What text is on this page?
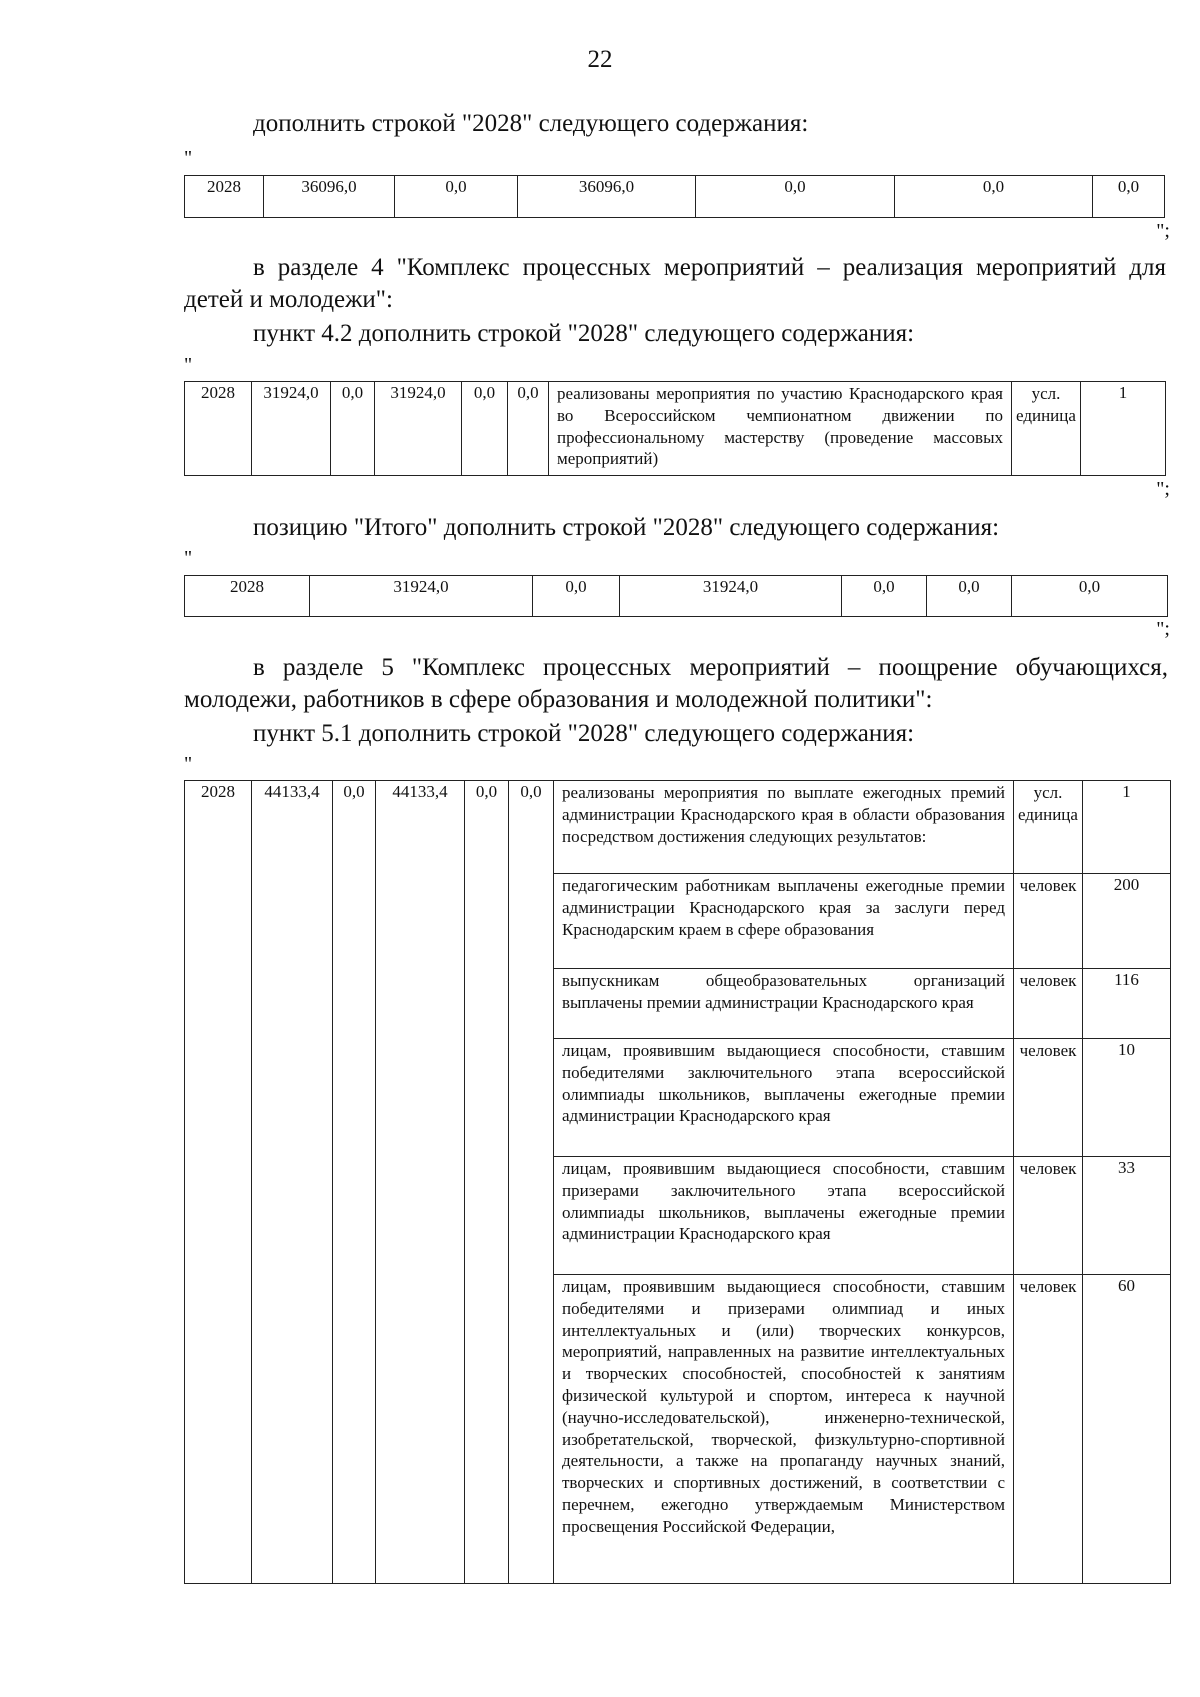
22
дополнить строкой "2028" следующего содержания:
"
2028	36096,0	0,0	36096,0	0,0	0,0	0,0
";
в разделе 4 "Комплекс процессных мероприятий – реализация мероприятий для детей и молодежи":
пункт 4.2 дополнить строкой "2028" следующего содержания:
"
2028	31924,0	0,0	31924,0	0,0	0,0	реализованы мероприятия по участию Краснодарского края во Всероссийском чемпионатном движении по профессиональному мастерству (проведение массовых мероприятий)	усл. единица	1
";
позицию "Итого" дополнить строкой "2028" следующего содержания:
"
2028	31924,0	0,0	31924,0	0,0	0,0	0,0
";
в разделе 5 "Комплекс процессных мероприятий – поощрение обучающихся, молодежи, работников в сфере образования и молодежной политики":
пункт 5.1 дополнить строкой "2028" следующего содержания:
"
2028	44133,4	0,0	44133,4	0,0	0,0	реализованы мероприятия по выплате ежегодных премий администрации Краснодарского края в области образования посредством достижения следующих результатов:	усл. единица	1
						педагогическим работникам выплачены ежегодные премии администрации Краснодарского края за заслуги перед Краснодарским краем в сфере образования	человек	200
						выпускникам общеобразовательных организаций выплачены премии администрации Краснодарского края	человек	116
						лицам, проявившим выдающиеся способности, ставшим победителями заключительного этапа всероссийской олимпиады школьников, выплачены ежегодные премии администрации Краснодарского края	человек	10
						лицам, проявившим выдающиеся способности, ставшим призерами заключительного этапа всероссийской олимпиады школьников, выплачены ежегодные премии администрации Краснодарского края	человек	33
						лицам, проявившим выдающиеся способности, ставшим победителями и призерами олимпиад и иных интеллектуальных и (или) творческих конкурсов, мероприятий, направленных на развитие интеллектуальных и творческих способностей, способностей к занятиям физической культурой и спортом, интереса к научной (научно-исследовательской), инженерно-технической, изобретательской, творческой, физкультурно-спортивной деятельности, а также на пропаганду научных знаний, творческих и спортивных достижений, в соответствии с перечнем, ежегодно утверждаемым Министерством просвещения Российской Федерации,	человек	60
